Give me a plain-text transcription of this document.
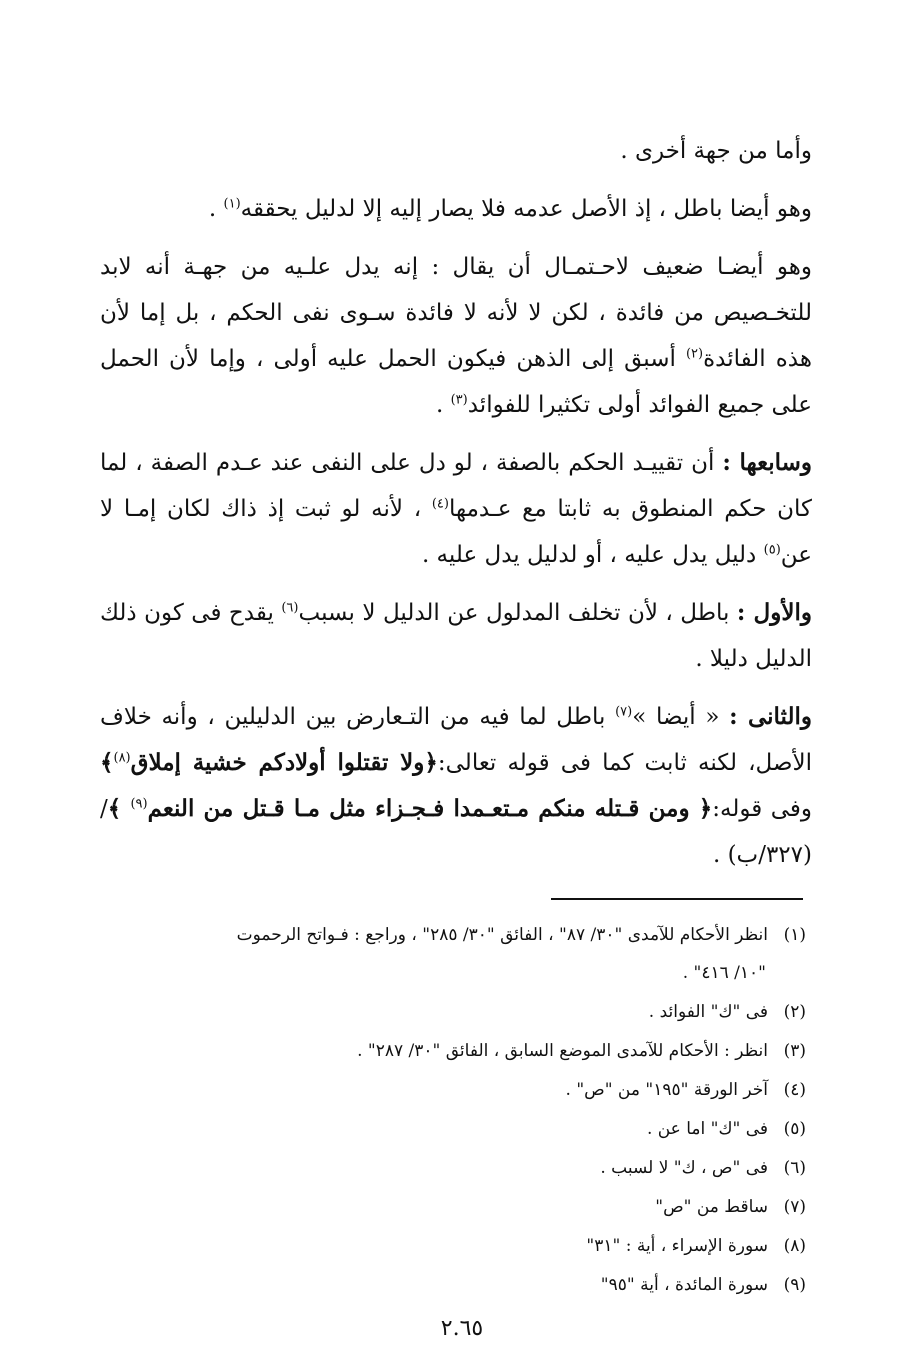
وأما من جهة أخرى .

وهو أيضا باطل ، إذ الأصل عدمه فلا يصار إليه إلا لدليل يحققه$^{(١)}$ .

وهو أيضـا ضعيف لاحـتمـال أن يقال : إنه يدل علـيه من جهـة أنه لابد للتخـصيص من فائدة ، لكن لا لأنه لا فائدة سـوى نفى الحكم ، بل إما لأن هذه الفائدة$^{(٢)}$ أسبق إلى الذهن فيكون الحمل عليه أولى ، وإما لأن الحمل على جميع الفوائد أولى تكثيرا للفوائد$^{(٣)}$ .

وسابعها : أن تقييـد الحكم بالصفة ، لو دل على النفى عند عـدم الصفة ، لما كان حكم المنطوق به ثابتا مع عـدمها$^{(٤)}$ ، لأنه لو ثبت إذ ذاك لكان إمـا لا عن$^{(٥)}$ دليل يدل عليه ، أو لدليل يدل عليه .

والأول : باطل ، لأن تخلف المدلول عن الدليل لا بسبب$^{(٦)}$ يقدح فى كون ذلك الدليل دليلا .

والثانى : « أيضا »$^{(٧)}$ باطل لما فيه من التـعارض بين الدليلين ، وأنه خلاف الأصل، لكنه ثابت كما فى قوله تعالى:﴿ولا تقتلوا أولادكم خشية إملاق$^{(٨)}$﴾ وفى قوله:﴿ ومن قـتله منكم مـتعـمدا فـجـزاء مثل مـا قـتل من النعم$^{(٩)}$ ﴾/ (٣٢٧/ب) .

(١)انظر الأحكام للآمدى "٣٠/ ٨٧" ، الفائق "٣٠/ ٢٨٥" ، وراجع : فـواتح الرحموت
"١٠/ ٤١٦" .
(٢)فى "ك" الفوائد .
(٣)انظر : الأحكام للآمدى الموضع السابق ، الفائق "٣٠/ ٢٨٧" .
(٤)آخر الورقة "١٩٥" من "ص" .
(٥)فى "ك" اما عن .
(٦)فى "ص ، ك" لا لسبب .
(٧)ساقط من "ص"
(٨)سورة الإسراء ، أية : "٣١"
(٩)سورة المائدة ، أية "٩٥"
٢.٦٥
